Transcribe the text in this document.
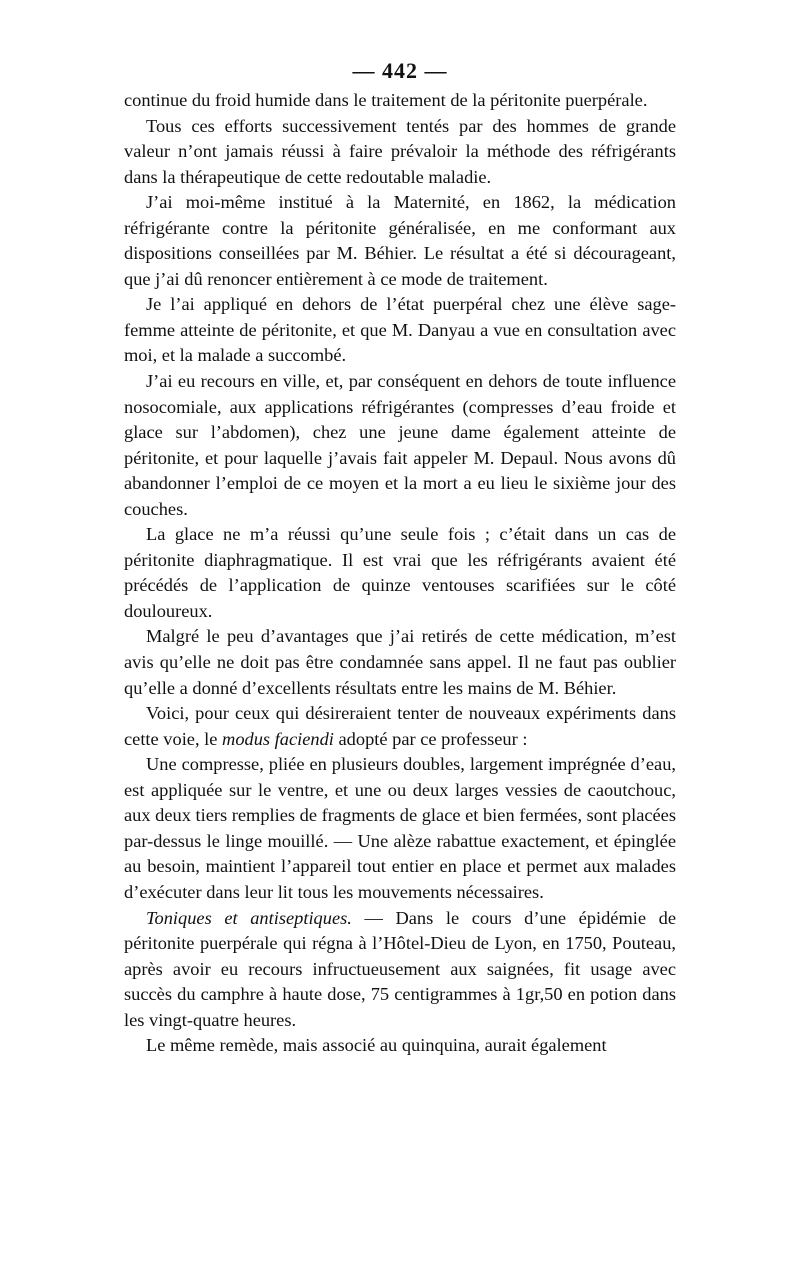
— 442 —

continue du froid humide dans le traitement de la péritonite puerpérale.

Tous ces efforts successivement tentés par des hommes de grande valeur n’ont jamais réussi à faire prévaloir la méthode des réfrigérants dans la thérapeutique de cette redoutable maladie.

J’ai moi-même institué à la Maternité, en 1862, la médication réfrigérante contre la péritonite généralisée, en me conformant aux dispositions conseillées par M. Béhier. Le résultat a été si décourageant, que j’ai dû renoncer entièrement à ce mode de traitement.

Je l’ai appliqué en dehors de l’état puerpéral chez une élève sage-femme atteinte de péritonite, et que M. Danyau a vue en consultation avec moi, et la malade a succombé.

J’ai eu recours en ville, et, par conséquent en dehors de toute influence nosocomiale, aux applications réfrigérantes (compresses d’eau froide et glace sur l’abdomen), chez une jeune dame également atteinte de péritonite, et pour laquelle j’avais fait appeler M. Depaul. Nous avons dû abandonner l’emploi de ce moyen et la mort a eu lieu le sixième jour des couches.

La glace ne m’a réussi qu’une seule fois ; c’était dans un cas de péritonite diaphragmatique. Il est vrai que les réfrigérants avaient été précédés de l’application de quinze ventouses scarifiées sur le côté douloureux.

Malgré le peu d’avantages que j’ai retirés de cette médication, m’est avis qu’elle ne doit pas être condamnée sans appel. Il ne faut pas oublier qu’elle a donné d’excellents résultats entre les mains de M. Béhier.

Voici, pour ceux qui désireraient tenter de nouveaux expériments dans cette voie, le modus faciendi adopté par ce professeur :

Une compresse, pliée en plusieurs doubles, largement imprégnée d’eau, est appliquée sur le ventre, et une ou deux larges vessies de caoutchouc, aux deux tiers remplies de fragments de glace et bien fermées, sont placées par-dessus le linge mouillé. — Une alèze rabattue exactement, et épinglée au besoin, maintient l’appareil tout entier en place et permet aux malades d’exécuter dans leur lit tous les mouvements nécessaires.

Toniques et antiseptiques. — Dans le cours d’une épidémie de péritonite puerpérale qui régna à l’Hôtel-Dieu de Lyon, en 1750, Pouteau, après avoir eu recours infructueusement aux saignées, fit usage avec succès du camphre à haute dose, 75 centigrammes à 1gr,50 en potion dans les vingt-quatre heures.

Le même remède, mais associé au quinquina, aurait également
